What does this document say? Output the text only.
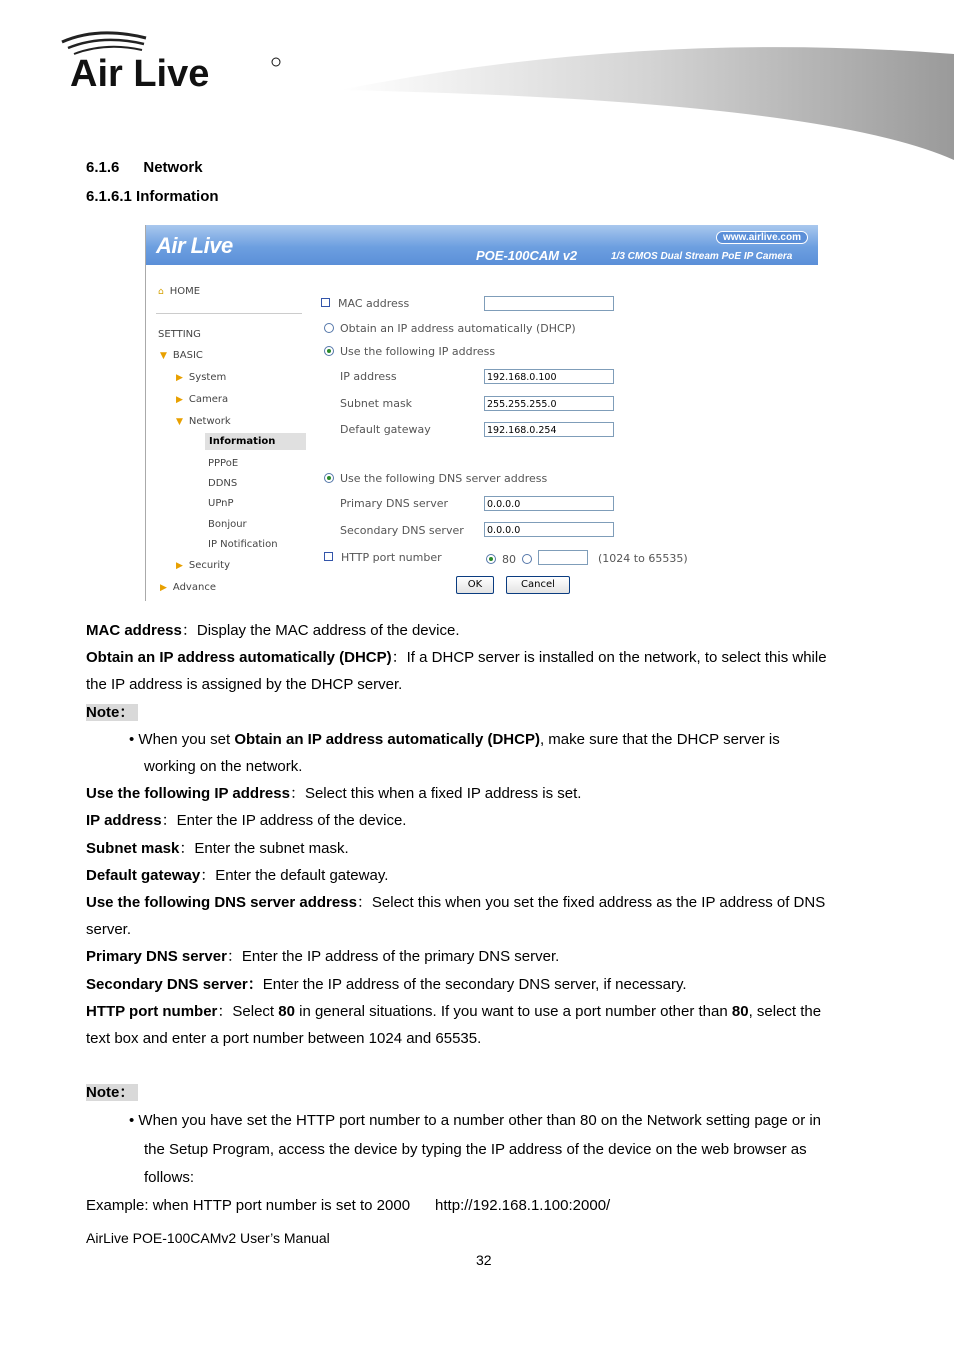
Air Live
6.1.6 Network
6.1.6.1 Information
Air Live	www.airlive.com
POE-100CAM v2	1/3 CMOS Dual Stream PoE IP Camera
⌂ HOME
SETTING
▼ BASIC
▶ System
▶ Camera
▼ Network
Information
PPPoE
DDNS
UPnP
Bonjour
IP Notification
▶ Security
▶ Advance
MAC address
Obtain an IP address automatically (DHCP)
Use the following IP address
IP address	192.168.0.100
Subnet mask	255.255.255.0
Default gateway	192.168.0.254
Use the following DNS server address
Primary DNS server	0.0.0.0
Secondary DNS server	0.0.0.0
HTTP port number	80	(1024 to 65535)
OK	Cancel

MAC address：Display the MAC address of the device.

Obtain an IP address automatically (DHCP)：If a DHCP server is installed on the network, to select this while

the IP address is assigned by the DHCP server.

Note：

• When you set Obtain an IP address automatically (DHCP), make sure that the DHCP server is

working on the network.

Use the following IP address：Select this when a fixed IP address is set.

IP address：Enter the IP address of the device.

Subnet mask：Enter the subnet mask.

Default gateway：Enter the default gateway.

Use the following DNS server address：Select this when you set the fixed address as the IP address of DNS

server.

Primary DNS server：Enter the IP address of the primary DNS server.

Secondary DNS server：Enter the IP address of the secondary DNS server, if necessary.

HTTP port number：Select 80 in general situations. If you want to use a port number other than 80, select the

text box and enter a port number between 1024 and 65535.

Note：

• When you have set the HTTP port number to a number other than 80 on the Network setting page or in

the Setup Program, access the device by typing the IP address of the device on the web browser as

follows:

Example: when HTTP port number is set to 2000 http://192.168.1.100:2000/

AirLive POE-100CAMv2 User’s Manual
32
